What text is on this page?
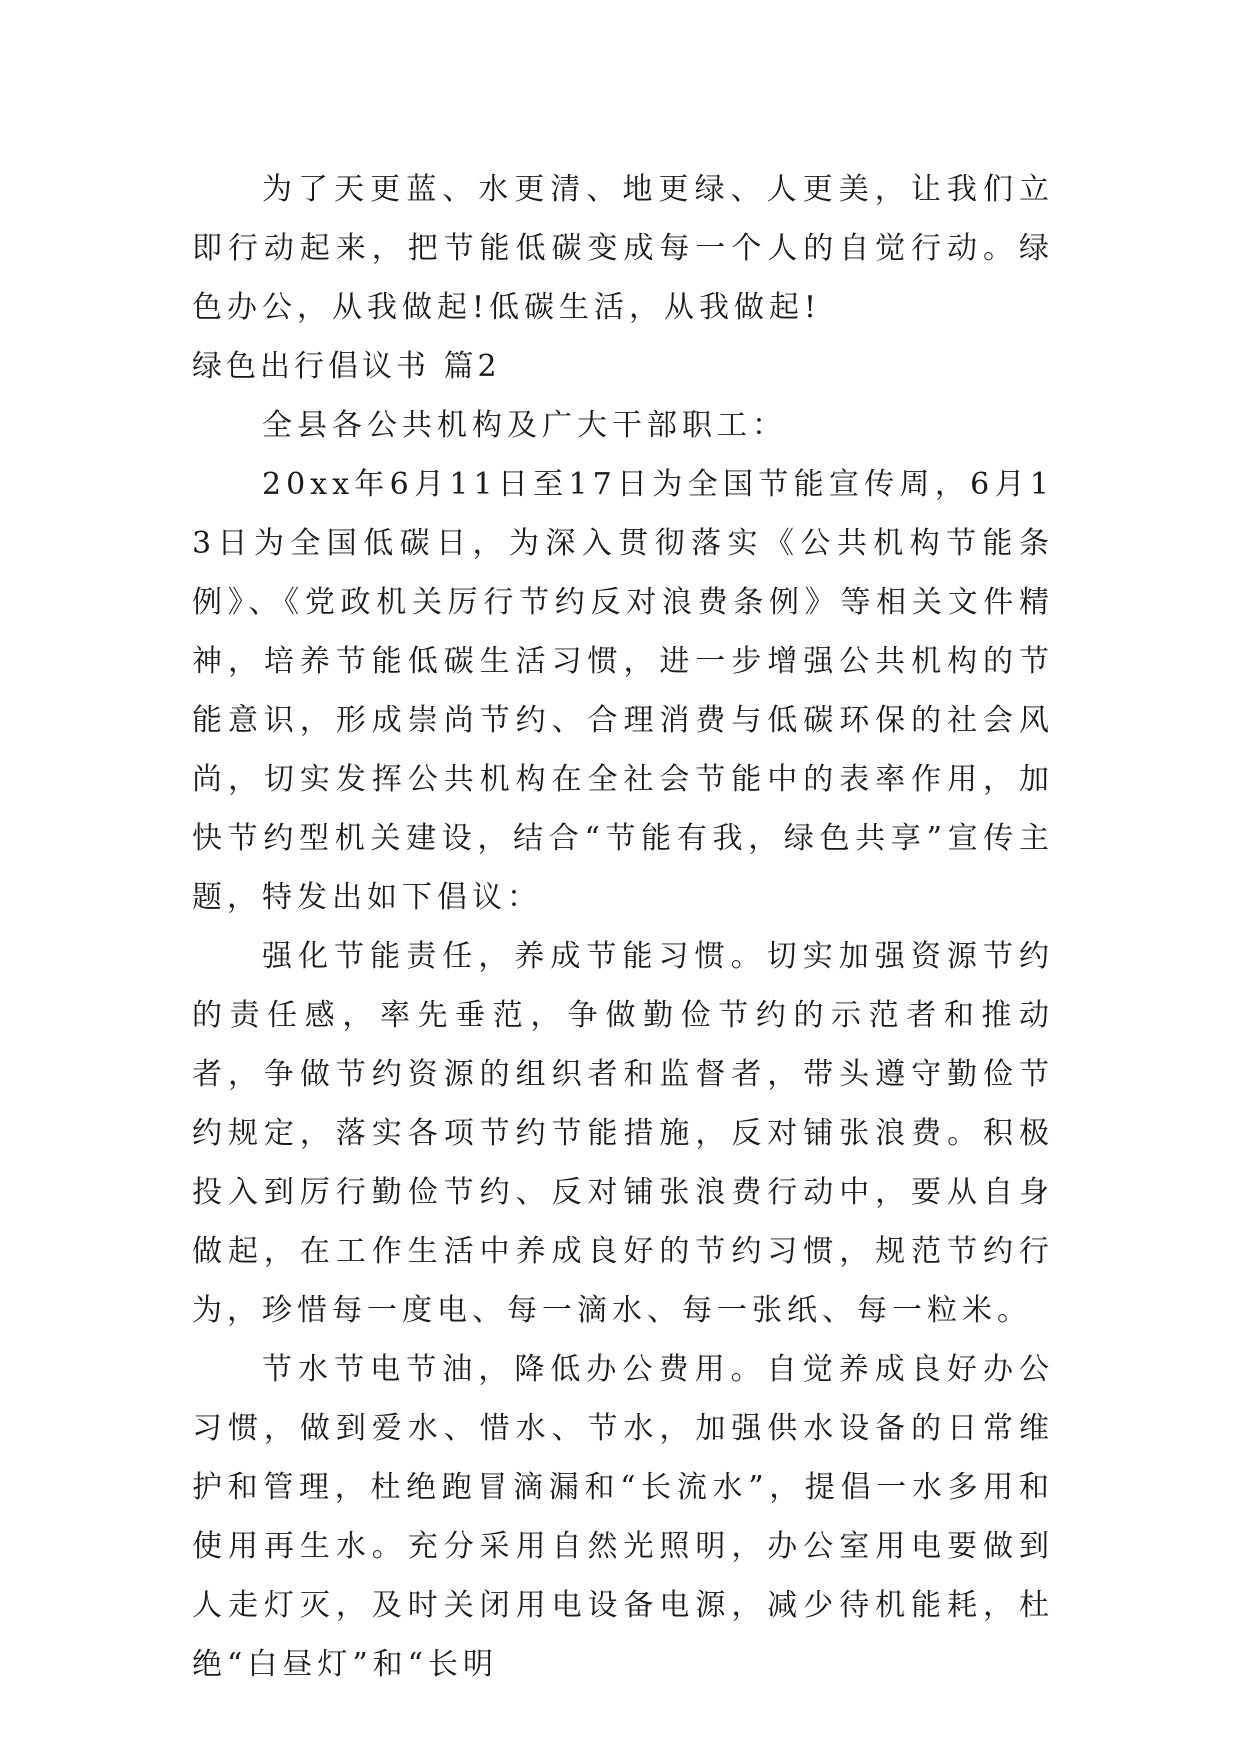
为了天更蓝、水更清、地更绿、人更美，让我们立即行动起来，把节能低碳变成每一个人的自觉行动。绿色办公，从我做起!低碳生活，从我做起!

绿色出行倡议书 篇2

全县各公共机构及广大干部职工：

20xx年6月11日至17日为全国节能宣传周，6月13日为全国低碳日，为深入贯彻落实《公共机构节能条例》、《党政机关厉行节约反对浪费条例》等相关文件精神，培养节能低碳生活习惯，进一步增强公共机构的节能意识，形成崇尚节约、合理消费与低碳环保的社会风尚，切实发挥公共机构在全社会节能中的表率作用，加快节约型机关建设，结合“节能有我，绿色共享”宣传主题，特发出如下倡议：

强化节能责任，养成节能习惯。切实加强资源节约的责任感，率先垂范，争做勤俭节约的示范者和推动者，争做节约资源的组织者和监督者，带头遵守勤俭节约规定，落实各项节约节能措施，反对铺张浪费。积极投入到厉行勤俭节约、反对铺张浪费行动中，要从自身做起，在工作生活中养成良好的节约习惯，规范节约行为，珍惜每一度电、每一滴水、每一张纸、每一粒米。

节水节电节油，降低办公费用。自觉养成良好办公习惯，做到爱水、惜水、节水，加强供水设备的日常维护和管理，杜绝跑冒滴漏和“长流水”，提倡一水多用和使用再生水。充分采用自然光照明，办公室用电要做到人走灯灭，及时关闭用电设备电源，减少待机能耗，杜绝“白昼灯”和“长明
